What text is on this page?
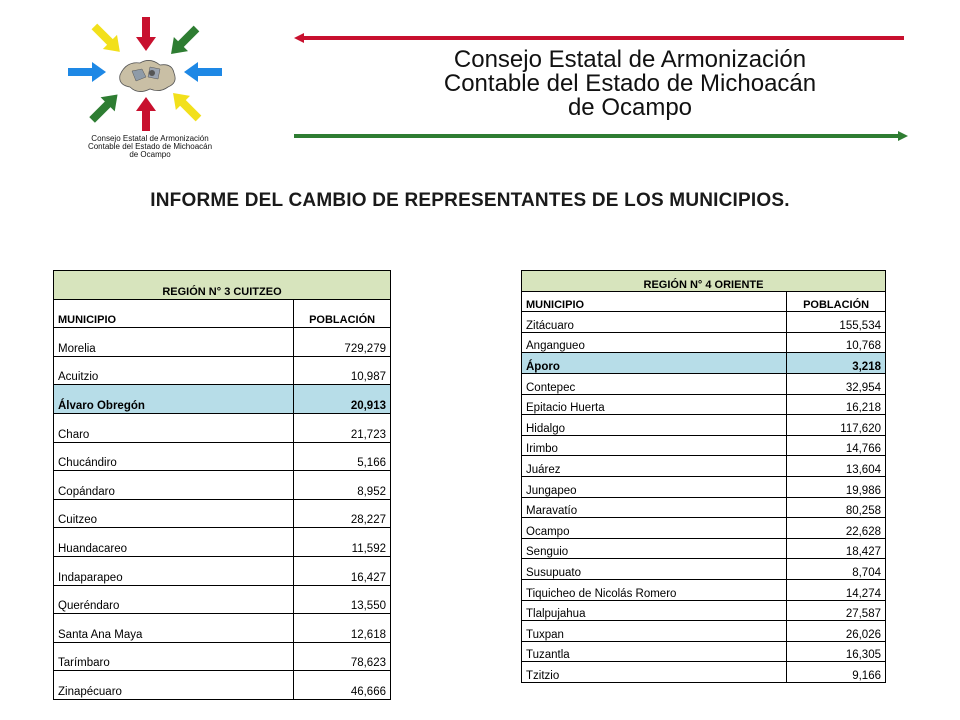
Consejo Estatal de Armonización
Contable del Estado de Michoacán
de Ocampo
Consejo Estatal de Armonización
Contable del Estado de Michoacán
de Ocampo
INFORME DEL CAMBIO DE REPRESENTANTES DE LOS MUNICIPIOS.
REGIÓN N° 3 CUITZEO	
MUNICIPIO	POBLACIÓN
Morelia	729,279
Acuitzio	10,987
Álvaro Obregón	20,913
Charo	21,723
Chucándiro	5,166
Copándaro	8,952
Cuitzeo	28,227
Huandacareo	11,592
Indaparapeo	16,427
Queréndaro	13,550
Santa Ana Maya	12,618
Tarímbaro	78,623
Zinapécuaro	46,666
REGIÓN N° 4 ORIENTE	
MUNICIPIO	POBLACIÓN
Zitácuaro	155,534
Angangueo	10,768
Áporo	3,218
Contepec	32,954
Epitacio Huerta	16,218
Hidalgo	117,620
Irimbo	14,766
Juárez	13,604
Jungapeo	19,986
Maravatío	80,258
Ocampo	22,628
Senguio	18,427
Susupuato	8,704
Tiquicheo de Nicolás Romero	14,274
Tlalpujahua	27,587
Tuxpan	26,026
Tuzantla	16,305
Tzitzio	9,166
